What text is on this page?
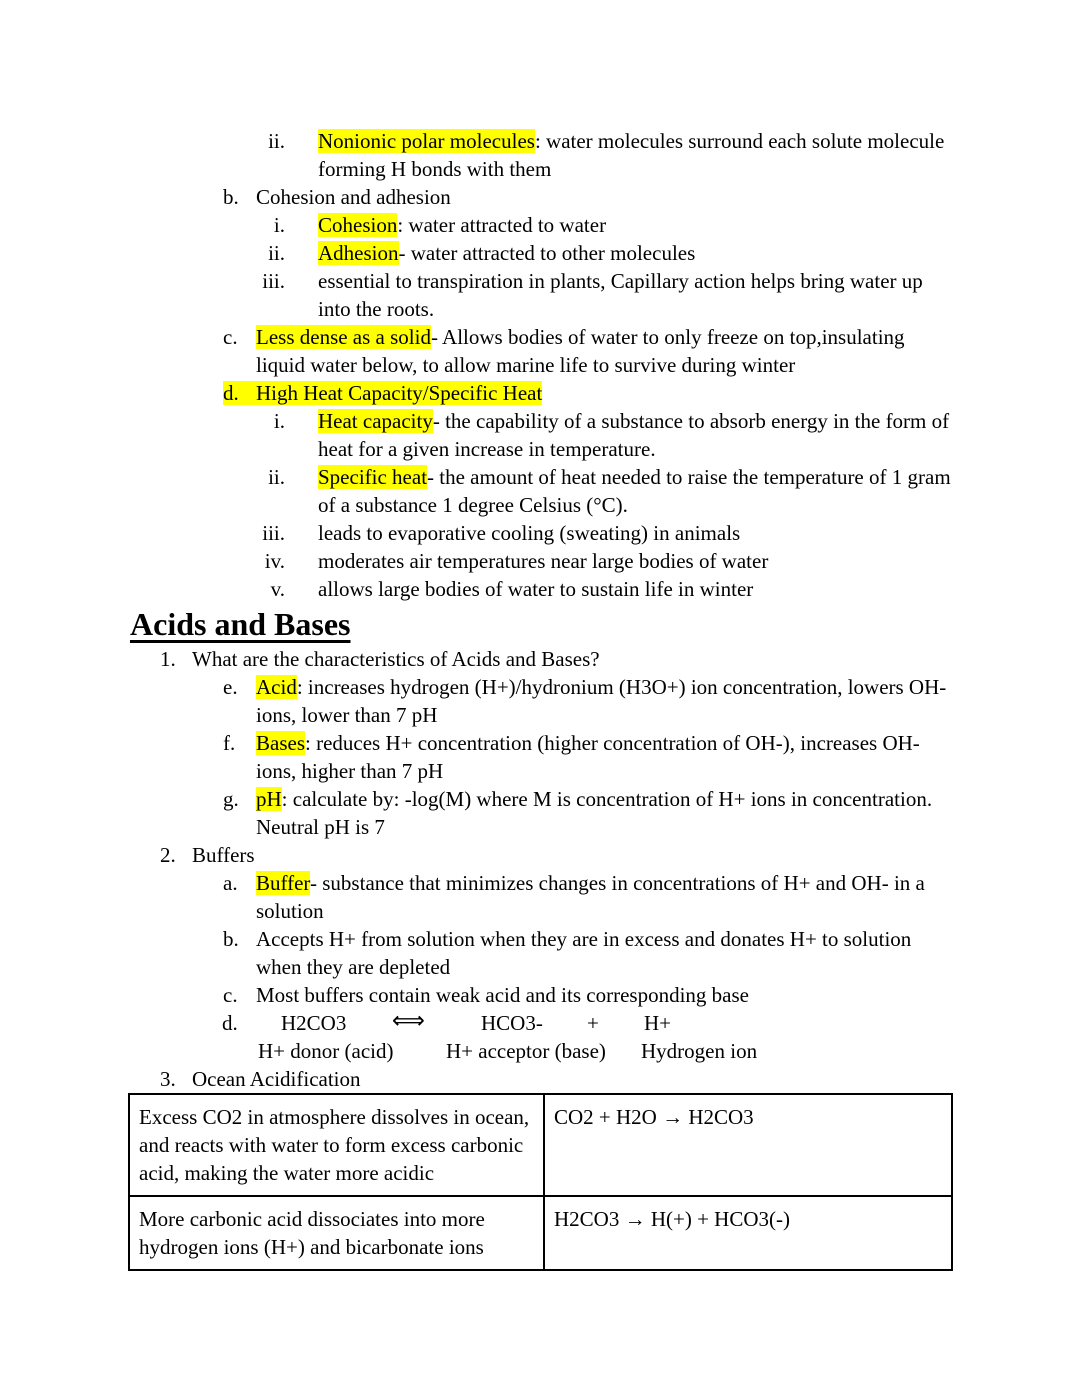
ii.	Nonionic polar molecules: water molecules surround each solute molecule forming H bonds with them
b. Cohesion and adhesion
i.	Cohesion: water attracted to water
ii.	Adhesion- water attracted to other molecules
iii.	essential to transpiration in plants, Capillary action helps bring water up into the roots.
c. Less dense as a solid- Allows bodies of water to only freeze on top,insulating liquid water below, to allow marine life to survive during winter
d. High Heat Capacity/Specific Heat
i.	Heat capacity- the capability of a substance to absorb energy in the form of heat for a given increase in temperature.
ii.	Specific heat- the amount of heat needed to raise the temperature of 1 gram of a substance 1 degree Celsius (°C).
iii.	leads to evaporative cooling (sweating) in animals
iv.	moderates air temperatures near large bodies of water
v.	allows large bodies of water to sustain life in winter
Acids and Bases
1. What are the characteristics of Acids and Bases?
e. Acid: increases hydrogen (H+)/hydronium (H3O+) ion concentration, lowers OH- ions, lower than 7 pH
f. Bases: reduces H+ concentration (higher concentration of OH-), increases OH- ions, higher than 7 pH
g. pH: calculate by: -log(M) where M is concentration of H+ ions in concentration. Neutral pH is 7
2. Buffers
a. Buffer- substance that minimizes changes in concentrations of H+ and OH- in a solution
b. Accepts H+ from solution when they are in excess and donates H+ to solution when they are depleted
c. Most buffers contain weak acid and its corresponding base
d. H2CO3 ⟺	HCO3- + H+
H+ donor (acid)	H+ acceptor (base) Hydrogen ion
3. Ocean Acidification
Excess CO2 in atmosphere dissolves in ocean, and reacts with water to form excess carbonic acid, making the water more acidic	CO2 + H2O → H2CO3
More carbonic acid dissociates into more hydrogen ions (H+) and bicarbonate ions	H2CO3 → H(+) + HCO3(-)
